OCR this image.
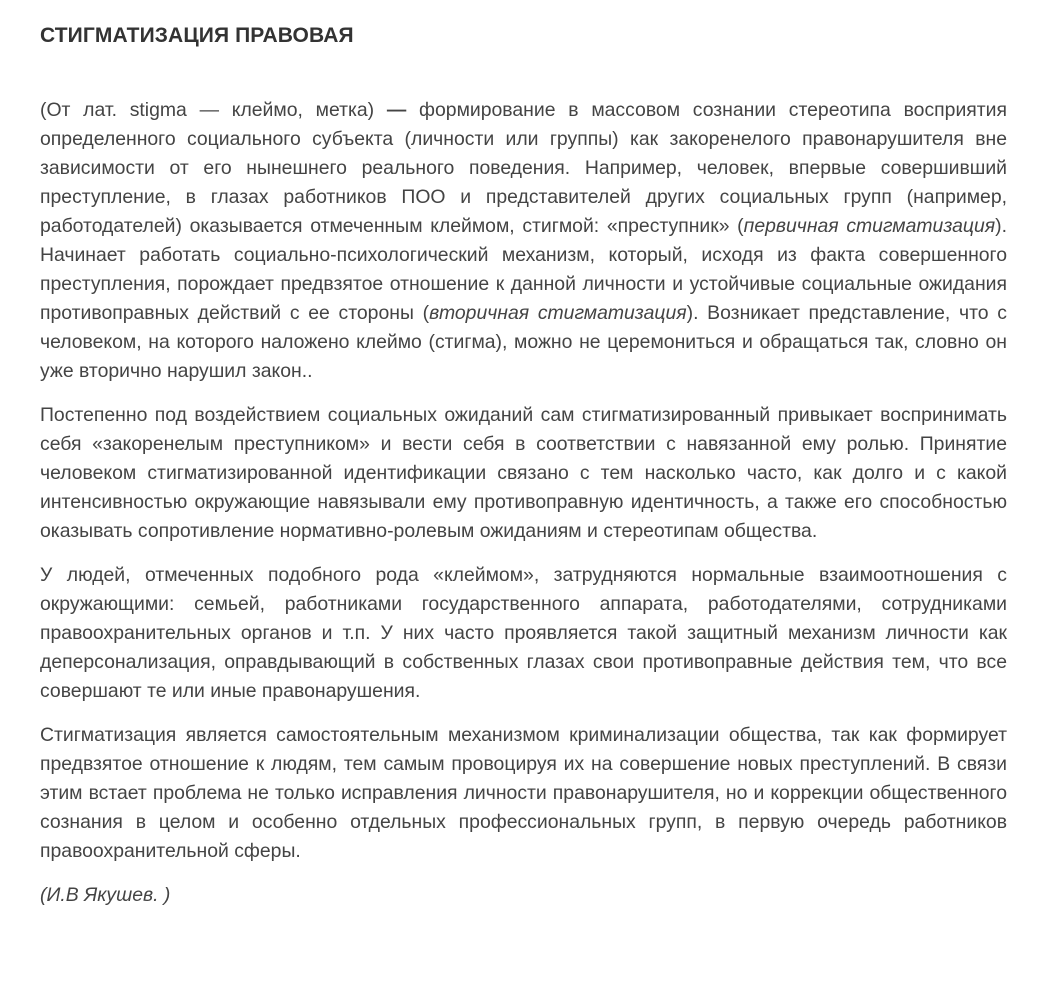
СТИГМАТИЗАЦИЯ ПРАВОВАЯ

(От лат. stigma — клеймо, метка) — формирование в массовом сознании стереотипа восприятия определенного социального субъекта (личности или группы) как закоренелого правонарушителя вне зависимости от его нынешнего реального поведения. Например, человек, впервые совершивший преступление, в глазах работников ПОО и представителей других социальных групп (например, работодателей) оказывается отмеченным клеймом, стигмой: «преступник» (первичная стигматизация). Начинает работать социально-психологический механизм, который, исходя из факта совершенного преступления, порождает предвзятое отношение к данной личности и устойчивые социальные ожидания противоправных действий с ее стороны (вторичная стигматизация). Возникает представление, что с человеком, на которого наложено клеймо (стигма), можно не церемониться и обращаться так, словно он уже вторично нарушил закон..

Постепенно под воздействием социальных ожиданий сам стигматизированный привыкает воспринимать себя «закоренелым преступником» и вести себя в соответствии с навязанной ему ролью. Принятие человеком стигматизированной идентификации связано с тем насколько часто, как долго и с какой интенсивностью окружающие навязывали ему противоправную идентичность, а также его способностью оказывать сопротивление нормативно-ролевым ожиданиям и стереотипам общества.

У людей, отмеченных подобного рода «клеймом», затрудняются нормальные взаимоотношения с окружающими: семьей, работниками государственного аппарата, работодателями, сотрудниками правоохранительных органов и т.п. У них часто проявляется такой защитный механизм личности как деперсонализация, оправдывающий в собственных глазах свои противоправные действия тем, что все совершают те или иные правонарушения.

Стигматизация является самостоятельным механизмом криминализации общества, так как формирует предвзятое отношение к людям, тем самым провоцируя их на совершение новых преступлений. В связи этим встает проблема не только исправления личности правонарушителя, но и коррекции общественного сознания в целом и особенно отдельных профессиональных групп, в первую очередь работников правоохранительной сферы.

(И.В Якушев. )
